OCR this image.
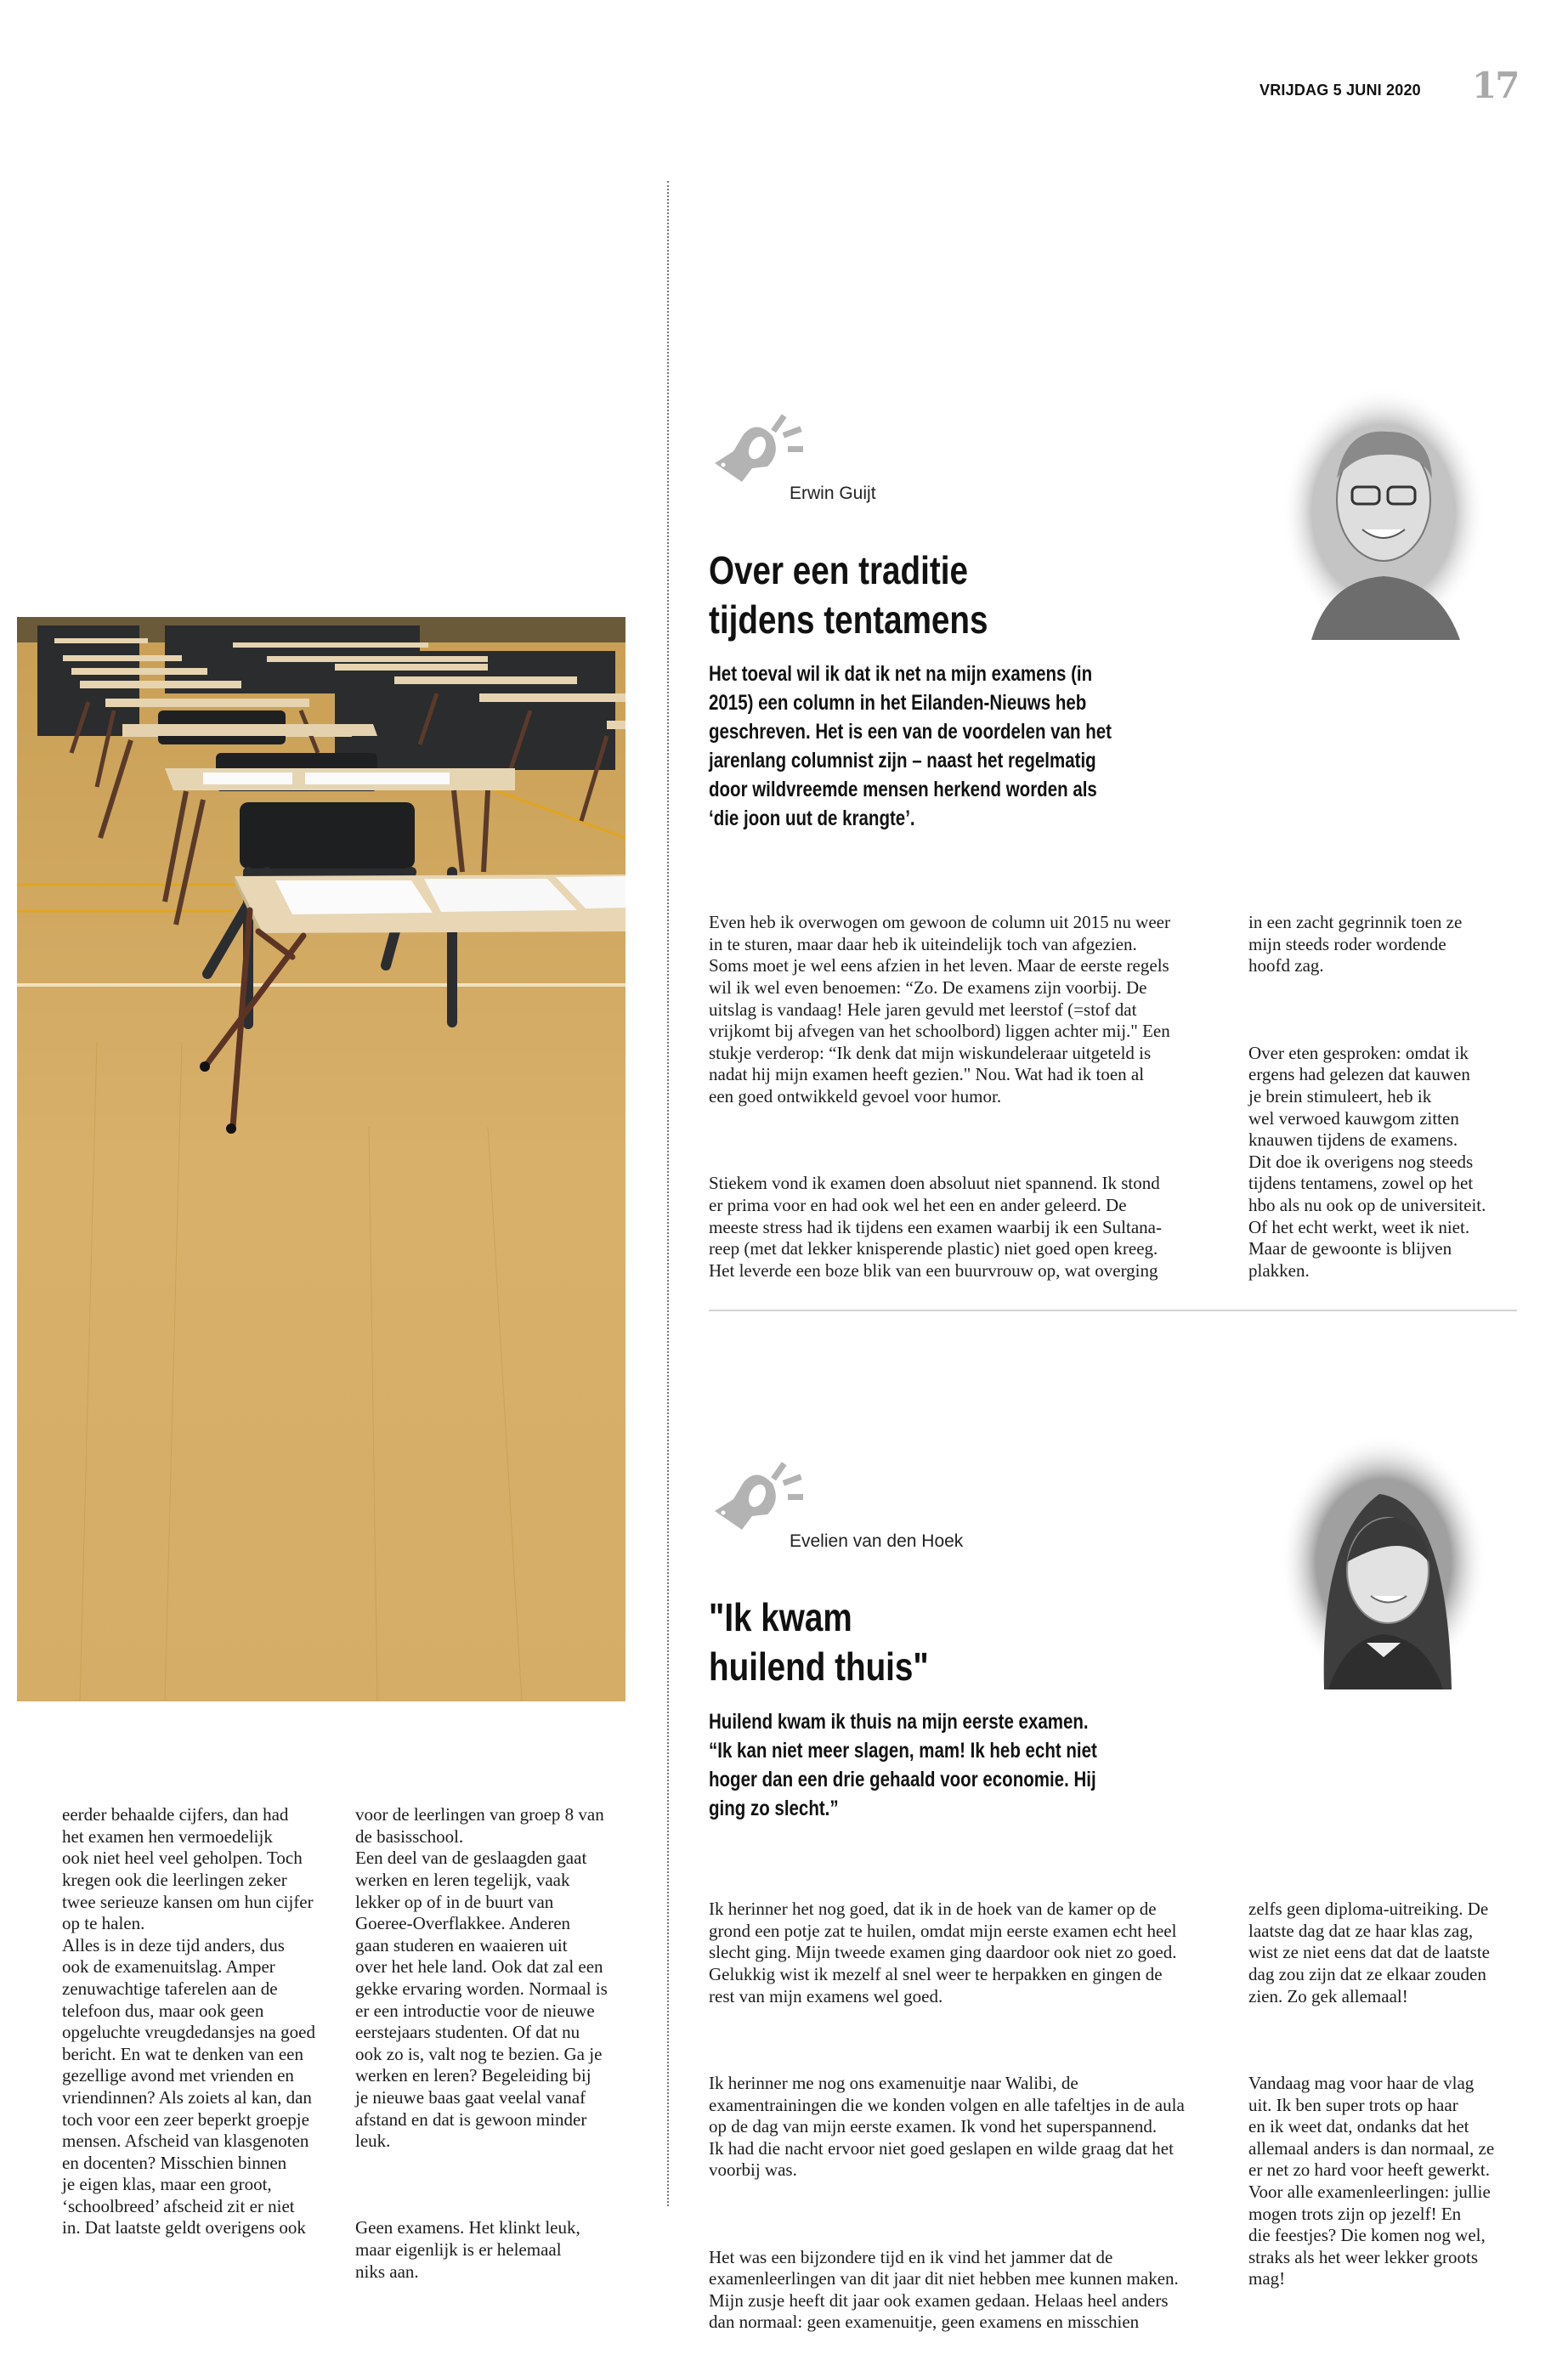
VRIJDAG 5 JUNI 2020 17
Erwin Guijt
Over een traditie
tijdens tentamens
Het toeval wil ik dat ik net na mijn examens (in
2015) een column in het Eilanden-Nieuws heb
geschreven. Het is een van de voordelen van het
jarenlang columnist zijn – naast het regelmatig
door wildvreemde mensen herkend worden als
‘die joon uut de krangte’.

Even heb ik overwogen om gewoon de column uit 2015 nu weer
in te sturen, maar daar heb ik uiteindelijk toch van afgezien.
Soms moet je wel eens afzien in het leven. Maar de eerste regels
wil ik wel even benoemen: “Zo. De examens zijn voorbij. De
uitslag is vandaag! Hele jaren gevuld met leerstof (=stof dat
vrijkomt bij afvegen van het schoolbord) liggen achter mij." Een
stukje verderop: “Ik denk dat mijn wiskundeleraar uitgeteld is
nadat hij mijn examen heeft gezien." Nou. Wat had ik toen al
een goed ontwikkeld gevoel voor humor.

Stiekem vond ik examen doen absoluut niet spannend. Ik stond
er prima voor en had ook wel het een en ander geleerd. De
meeste stress had ik tijdens een examen waarbij ik een Sultana-
reep (met dat lekker knisperende plastic) niet goed open kreeg.
Het leverde een boze blik van een buurvrouw op, wat overging

in een zacht gegrinnik toen ze
mijn steeds roder wordende
hoofd zag.

Over eten gesproken: omdat ik
ergens had gelezen dat kauwen
je brein stimuleert, heb ik
wel verwoed kauwgom zitten
knauwen tijdens de examens.
Dit doe ik overigens nog steeds
tijdens tentamens, zowel op het
hbo als nu ook op de universiteit.
Of het echt werkt, weet ik niet.
Maar de gewoonte is blijven
plakken.

Evelien van den Hoek
"Ik kwam
huilend thuis"
Huilend kwam ik thuis na mijn eerste examen.
“Ik kan niet meer slagen, mam! Ik heb echt niet
hoger dan een drie gehaald voor economie. Hij
ging zo slecht.”

Ik herinner het nog goed, dat ik in de hoek van de kamer op de
grond een potje zat te huilen, omdat mijn eerste examen echt heel
slecht ging. Mijn tweede examen ging daardoor ook niet zo goed.
Gelukkig wist ik mezelf al snel weer te herpakken en gingen de
rest van mijn examens wel goed.

Ik herinner me nog ons examenuitje naar Walibi, de
examentrainingen die we konden volgen en alle tafeltjes in de aula
op de dag van mijn eerste examen. Ik vond het superspannend.
Ik had die nacht ervoor niet goed geslapen en wilde graag dat het
voorbij was.

Het was een bijzondere tijd en ik vind het jammer dat de
examenleerlingen van dit jaar dit niet hebben mee kunnen maken.
Mijn zusje heeft dit jaar ook examen gedaan. Helaas heel anders
dan normaal: geen examenuitje, geen examens en misschien

zelfs geen diploma-uitreiking. De
laatste dag dat ze haar klas zag,
wist ze niet eens dat dat de laatste
dag zou zijn dat ze elkaar zouden
zien. Zo gek allemaal!

Vandaag mag voor haar de vlag
uit. Ik ben super trots op haar
en ik weet dat, ondanks dat het
allemaal anders is dan normaal, ze
er net zo hard voor heeft gewerkt.
Voor alle examenleerlingen: jullie
mogen trots zijn op jezelf! En
die feestjes? Die komen nog wel,
straks als het weer lekker groots
mag!

eerder behaalde cijfers, dan had
het examen hen vermoedelijk
ook niet heel veel geholpen. Toch
kregen ook die leerlingen zeker
twee serieuze kansen om hun cijfer
op te halen.
Alles is in deze tijd anders, dus
ook de examenuitslag. Amper
zenuwachtige taferelen aan de
telefoon dus, maar ook geen
opgeluchte vreugdedansjes na goed
bericht. En wat te denken van een
gezellige avond met vrienden en
vriendinnen? Als zoiets al kan, dan
toch voor een zeer beperkt groepje
mensen. Afscheid van klasgenoten
en docenten? Misschien binnen
je eigen klas, maar een groot,
‘schoolbreed’ afscheid zit er niet
in. Dat laatste geldt overigens ook

voor de leerlingen van groep 8 van
de basisschool.
Een deel van de geslaagden gaat
werken en leren tegelijk, vaak
lekker op of in de buurt van
Goeree-Overflakkee. Anderen
gaan studeren en waaieren uit
over het hele land. Ook dat zal een
gekke ervaring worden. Normaal is
er een introductie voor de nieuwe
eerstejaars studenten. Of dat nu
ook zo is, valt nog te bezien. Ga je
werken en leren? Begeleiding bij
je nieuwe baas gaat veelal vanaf
afstand en dat is gewoon minder
leuk.

Geen examens. Het klinkt leuk,
maar eigenlijk is er helemaal
niks aan.
